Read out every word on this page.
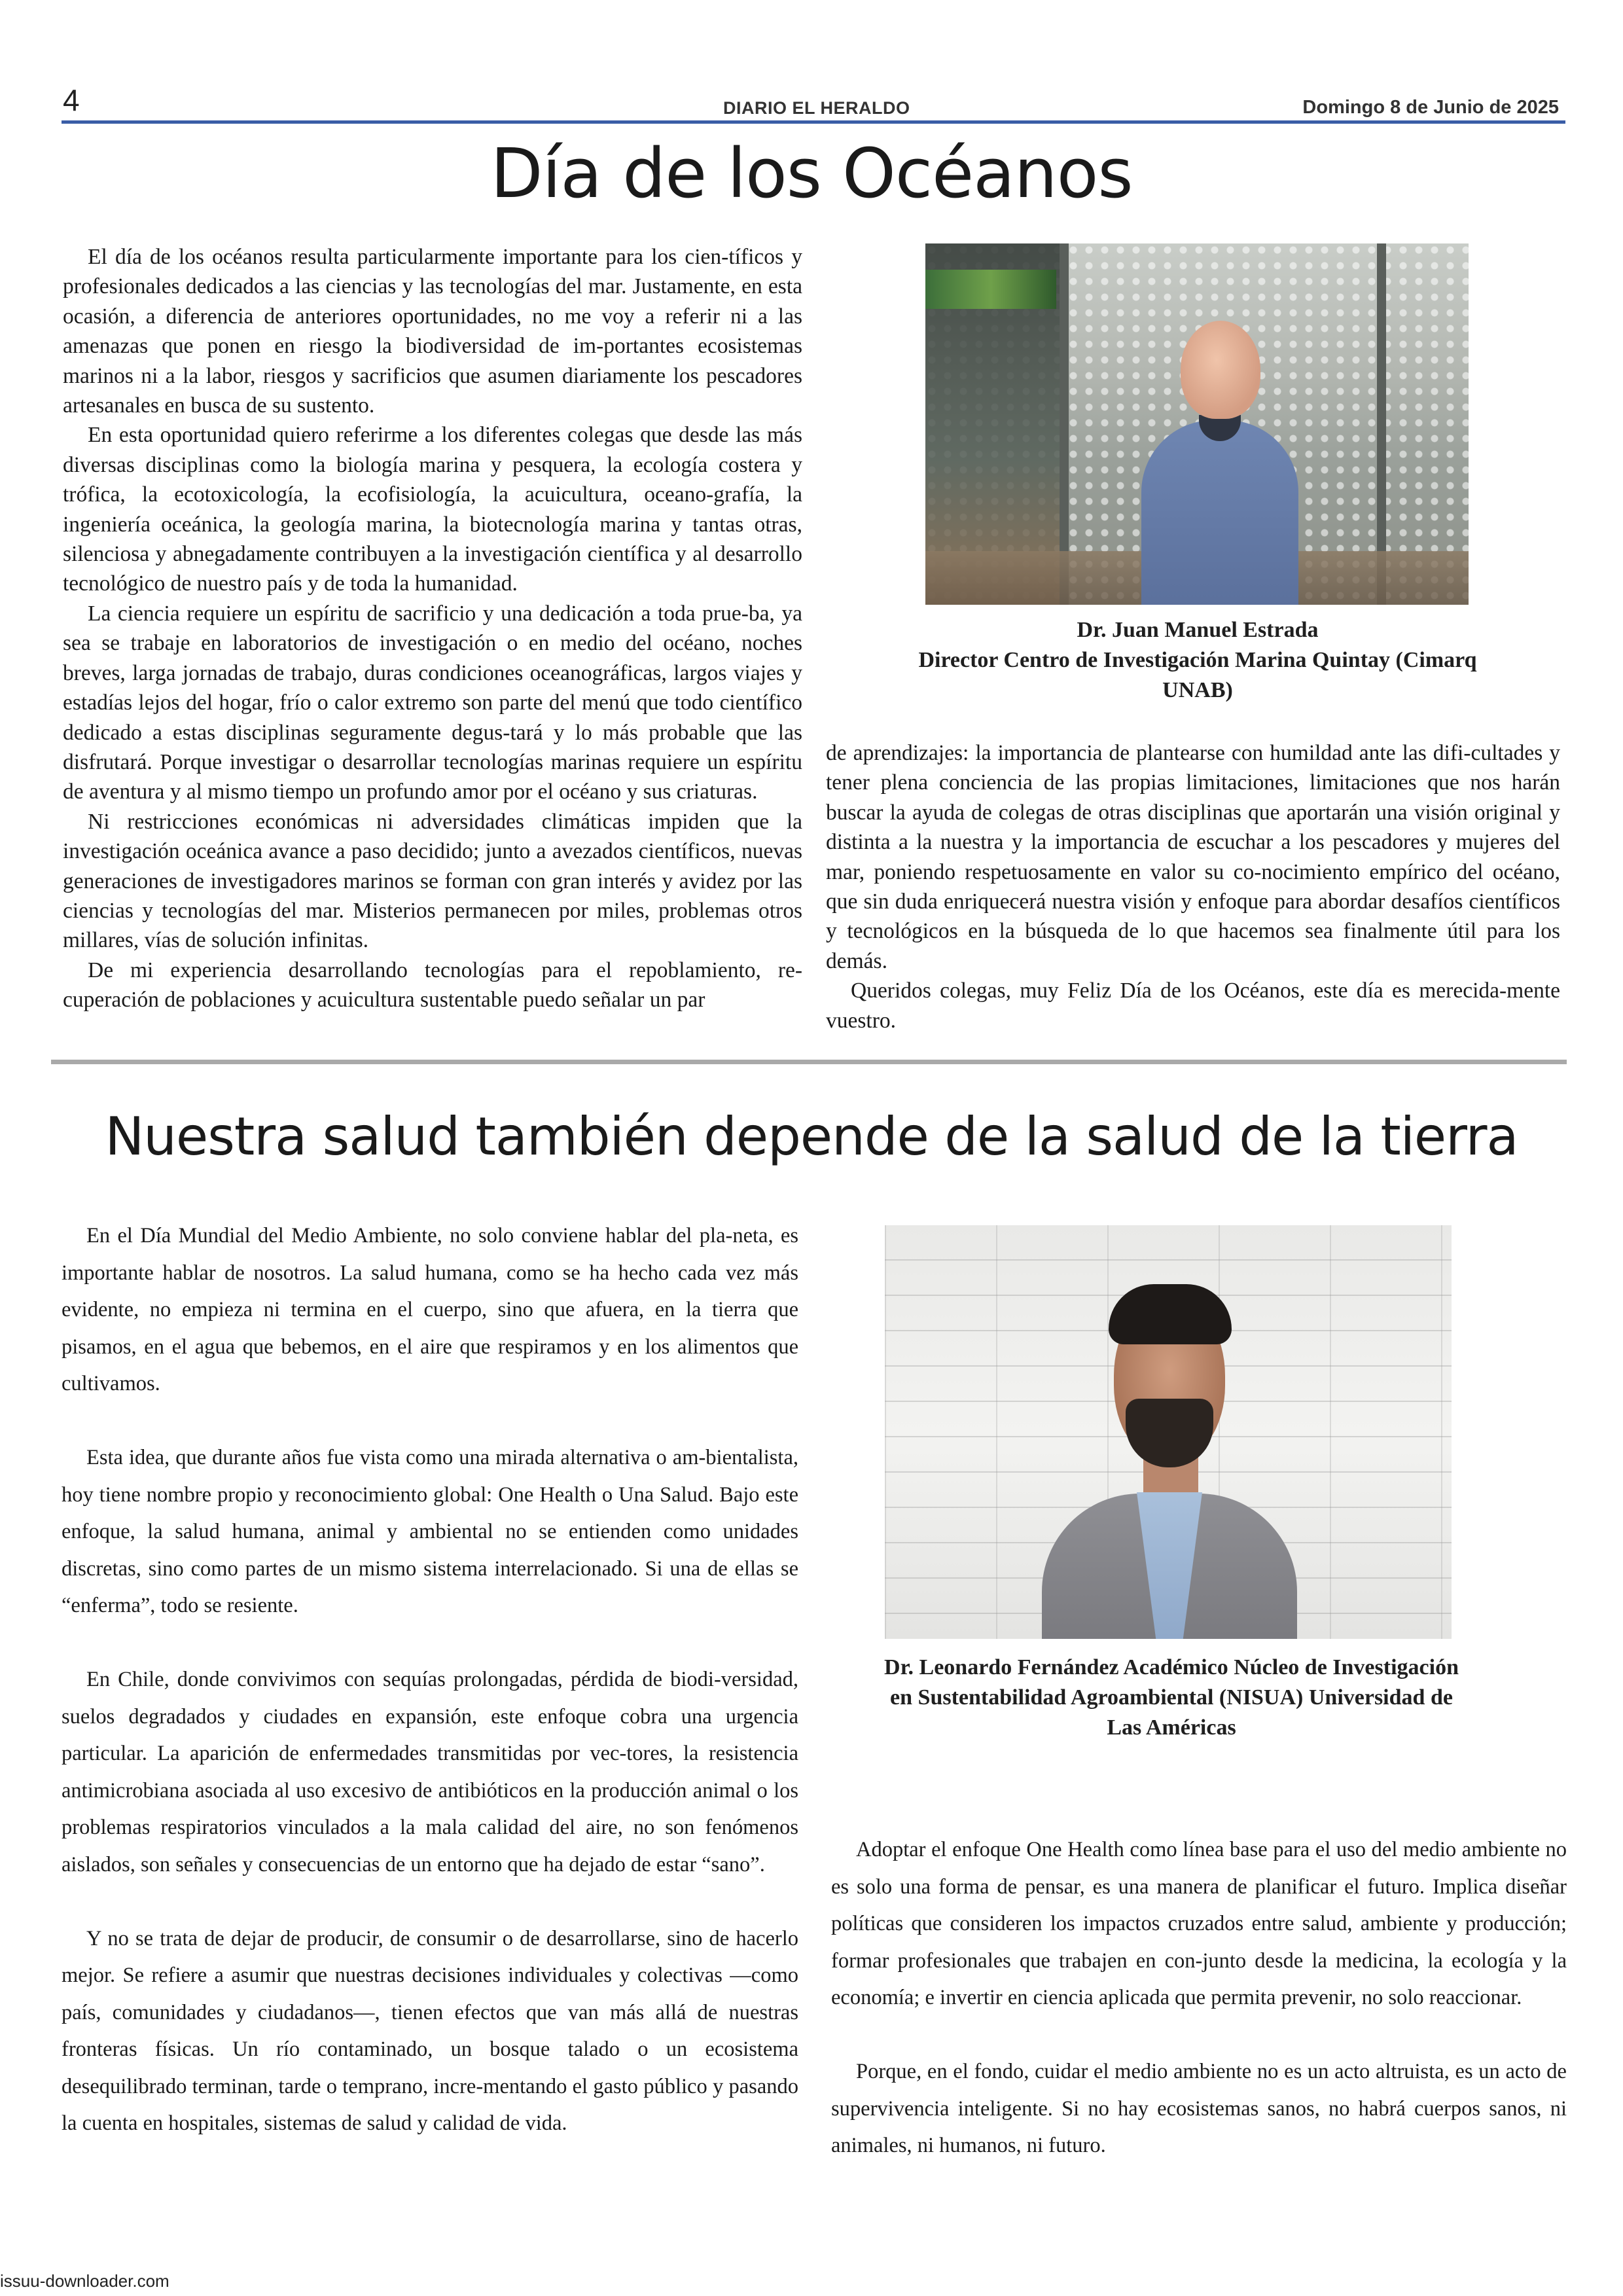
4	DIARIO EL HERALDO	Domingo 8 de Junio de 2025
Día de los Océanos

El día de los océanos resulta particularmente importante para los cien-tíficos y profesionales dedicados a las ciencias y las tecnologías del mar. Justamente, en esta ocasión, a diferencia de anteriores oportunidades, no me voy a referir ni a las amenazas que ponen en riesgo la biodiversidad de im-portantes ecosistemas marinos ni a la labor, riesgos y sacrificios que asumen diariamente los pescadores artesanales en busca de su sustento.

En esta oportunidad quiero referirme a los diferentes colegas que desde las más diversas disciplinas como la biología marina y pesquera, la ecología costera y trófica, la ecotoxicología, la ecofisiología, la acuicultura, oceano-grafía, la ingeniería oceánica, la geología marina, la biotecnología marina y tantas otras, silenciosa y abnegadamente contribuyen a la investigación científica y al desarrollo tecnológico de nuestro país y de toda la humanidad.

La ciencia requiere un espíritu de sacrificio y una dedicación a toda prue-ba, ya sea se trabaje en laboratorios de investigación o en medio del océano, noches breves, larga jornadas de trabajo, duras condiciones oceanográficas, largos viajes y estadías lejos del hogar, frío o calor extremo son parte del menú que todo científico dedicado a estas disciplinas seguramente degus-tará y lo más probable que las disfrutará. Porque investigar o desarrollar tecnologías marinas requiere un espíritu de aventura y al mismo tiempo un profundo amor por el océano y sus criaturas.

Ni restricciones económicas ni adversidades climáticas impiden que la investigación oceánica avance a paso decidido; junto a avezados científicos, nuevas generaciones de investigadores marinos se forman con gran interés y avidez por las ciencias y tecnologías del mar. Misterios permanecen por miles, problemas otros millares, vías de solución infinitas.

De mi experiencia desarrollando tecnologías para el repoblamiento, re-cuperación de poblaciones y acuicultura sustentable puedo señalar un par

Dr. Juan Manuel Estrada
Director Centro de Investigación Marina Quintay (Cimarq
UNAB)

de aprendizajes: la importancia de plantearse con humildad ante las difi-cultades y tener plena conciencia de las propias limitaciones, limitaciones que nos harán buscar la ayuda de colegas de otras disciplinas que aportarán una visión original y distinta a la nuestra y la importancia de escuchar a los pescadores y mujeres del mar, poniendo respetuosamente en valor su co-nocimiento empírico del océano, que sin duda enriquecerá nuestra visión y enfoque para abordar desafíos científicos y tecnológicos en la búsqueda de lo que hacemos sea finalmente útil para los demás.

Queridos colegas, muy Feliz Día de los Océanos, este día es merecida-mente vuestro.

Nuestra salud también depende de la salud de la tierra

En el Día Mundial del Medio Ambiente, no solo conviene hablar del pla-neta, es importante hablar de nosotros. La salud humana, como se ha hecho cada vez más evidente, no empieza ni termina en el cuerpo, sino que afuera, en la tierra que pisamos, en el agua que bebemos, en el aire que respiramos y en los alimentos que cultivamos.

Esta idea, que durante años fue vista como una mirada alternativa o am-bientalista, hoy tiene nombre propio y reconocimiento global: One Health o Una Salud. Bajo este enfoque, la salud humana, animal y ambiental no se entienden como unidades discretas, sino como partes de un mismo sistema interrelacionado. Si una de ellas se “enferma”, todo se resiente.

En Chile, donde convivimos con sequías prolongadas, pérdida de biodi-versidad, suelos degradados y ciudades en expansión, este enfoque cobra una urgencia particular. La aparición de enfermedades transmitidas por vec-tores, la resistencia antimicrobiana asociada al uso excesivo de antibióticos en la producción animal o los problemas respiratorios vinculados a la mala calidad del aire, no son fenómenos aislados, son señales y consecuencias de un entorno que ha dejado de estar “sano”.

Y no se trata de dejar de producir, de consumir o de desarrollarse, sino de hacerlo mejor. Se refiere a asumir que nuestras decisiones individuales y colectivas —como país, comunidades y ciudadanos—, tienen efectos que van más allá de nuestras fronteras físicas. Un río contaminado, un bosque talado o un ecosistema desequilibrado terminan, tarde o temprano, incre-mentando el gasto público y pasando la cuenta en hospitales, sistemas de salud y calidad de vida.

Dr. Leonardo Fernández Académico Núcleo de Investigación
en Sustentabilidad Agroambiental (NISUA) Universidad de
Las Américas

Adoptar el enfoque One Health como línea base para el uso del medio ambiente no es solo una forma de pensar, es una manera de planificar el futuro. Implica diseñar políticas que consideren los impactos cruzados entre salud, ambiente y producción; formar profesionales que trabajen en con-junto desde la medicina, la ecología y la economía; e invertir en ciencia aplicada que permita prevenir, no solo reaccionar.

Porque, en el fondo, cuidar el medio ambiente no es un acto altruista, es un acto de supervivencia inteligente. Si no hay ecosistemas sanos, no habrá cuerpos sanos, ni animales, ni humanos, ni futuro.

issuu-downloader.com
